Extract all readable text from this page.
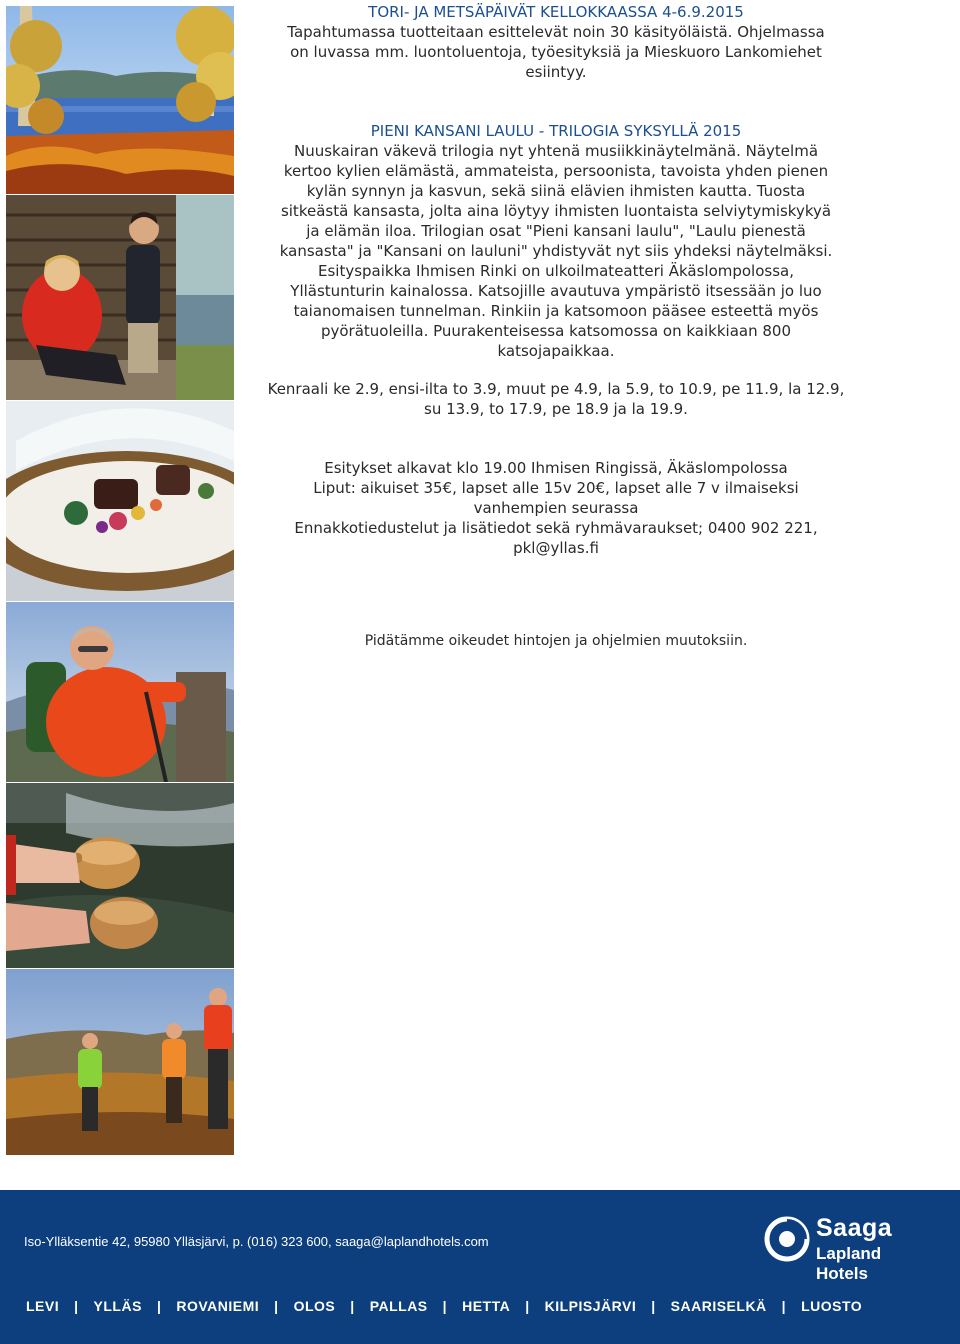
TORI- JA METSÄPÄIVÄT KELLOKKAASSA 4-6.9.2015
Tapahtumassa tuotteitaan esittelevät noin 30 käsityöläistä. Ohjelmassa
on luvassa mm. luontoluentoja, työesityksiä ja Mieskuoro Lankomiehet
esiintyy.
PIENI KANSANI LAULU - TRILOGIA SYKSYLLÄ 2015
Nuuskairan väkevä trilogia nyt yhtenä musiikkinäytelmänä. Näytelmä
kertoo kylien elämästä, ammateista, persoonista, tavoista yhden pienen
kylän synnyn ja kasvun, sekä siinä elävien ihmisten kautta. Tuosta
sitkeästä kansasta, jolta aina löytyy ihmisten luontaista selviytymiskykyä
ja elämän iloa. Trilogian osat "Pieni kansani laulu", "Laulu pienestä
kansasta" ja "Kansani on lauluni" yhdistyvät nyt siis yhdeksi näytelmäksi.
Esityspaikka Ihmisen Rinki on ulkoilmateatteri Äkäslompolossa,
Yllästunturin kainalossa. Katsojille avautuva ympäristö itsessään jo luo
taianomaisen tunnelman. Rinkiin ja katsomoon pääsee esteettä myös
pyörätuoleilla. Puurakenteisessa katsomossa on kaikkiaan 800
katsojapaikkaa.
Kenraali ke 2.9, ensi-ilta to 3.9, muut pe 4.9, la 5.9, to 10.9, pe 11.9, la 12.9,
su 13.9, to 17.9, pe 18.9 ja la 19.9.
Esitykset alkavat klo 19.00 Ihmisen Ringissä, Äkäslompolossa
Liput: aikuiset 35€, lapset alle 15v 20€, lapset alle 7 v ilmaiseksi
vanhempien seurassa
Ennakkotiedustelut ja lisätiedot sekä ryhmävaraukset; 0400 902 221,
pkl@yllas.fi
Pidätämme oikeudet hintojen ja ohjelmien muutoksiin.
Iso-Ylläksentie 42, 95980 Ylläsjärvi, p. (016) 323 600, saaga@laplandhotels.com	Saaga
Lapland Hotels
LEVI | YLLÄS | ROVANIEMI | OLOS | PALLAS | HETTA | KILPISJÄRVI | SAARISELKÄ | LUOSTO
